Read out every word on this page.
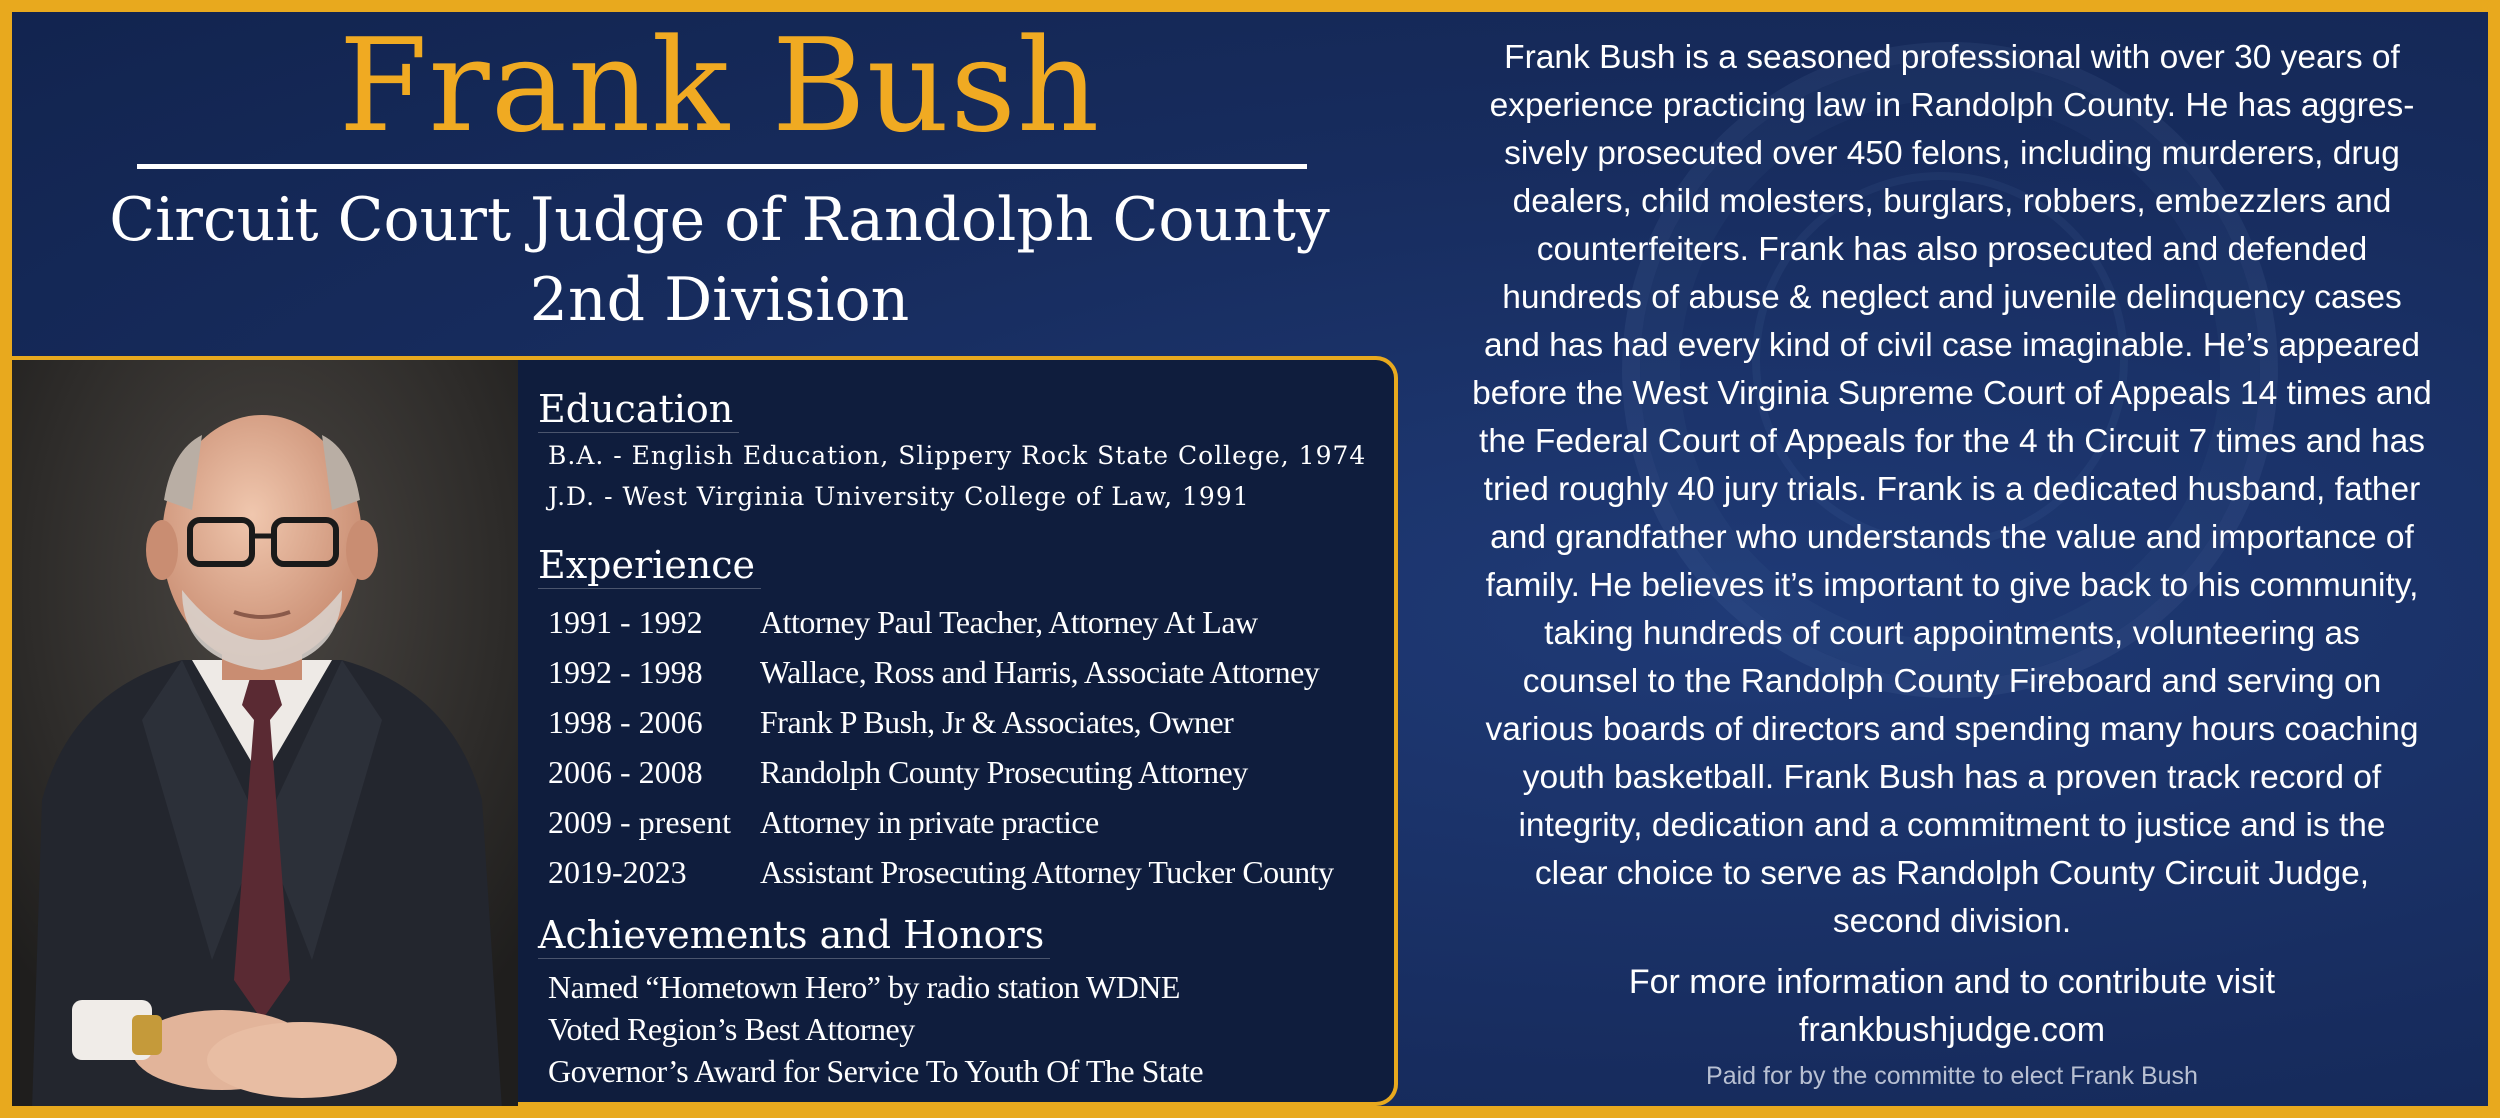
Frank Bush
Circuit Court Judge of Randolph County
2nd Division
Education
B.A. - English Education, Slippery Rock State College, 1974
J.D. - West Virginia University College of Law, 1991
Experience
1991 - 1992 Attorney Paul Teacher, Attorney At Law
1992 - 1998 Wallace, Ross and Harris, Associate Attorney
1998 - 2006 Frank P Bush, Jr & Associates, Owner
2006 - 2008 Randolph County Prosecuting Attorney
2009 - present Attorney in private practice
2019-2023 Assistant Prosecuting Attorney Tucker County
Achievements and Honors
Named “Hometown Hero” by radio station WDNE
Voted Region’s Best Attorney
Governor’s Award for Service To Youth Of The State
Frank Bush is a seasoned professional with over 30 years of
experience practicing law in Randolph County. He has aggres-
sively prosecuted over 450 felons, including murderers, drug
dealers, child molesters, burglars, robbers, embezzlers and
counterfeiters. Frank has also prosecuted and defended
hundreds of abuse & neglect and juvenile delinquency cases
and has had every kind of civil case imaginable. He’s appeared
before the West Virginia Supreme Court of Appeals 14 times and
the Federal Court of Appeals for the 4 th Circuit 7 times and has
tried roughly 40 jury trials. Frank is a dedicated husband, father
and grandfather who understands the value and importance of
family. He believes it’s important to give back to his community,
taking hundreds of court appointments, volunteering as
counsel to the Randolph County Fireboard and serving on
various boards of directors and spending many hours coaching
youth basketball. Frank Bush has a proven track record of
integrity, dedication and a commitment to justice and is the
clear choice to serve as Randolph County Circuit Judge,
second division.
For more information and to contribute visit
frankbushjudge.com
Paid for by the committe to elect Frank Bush
